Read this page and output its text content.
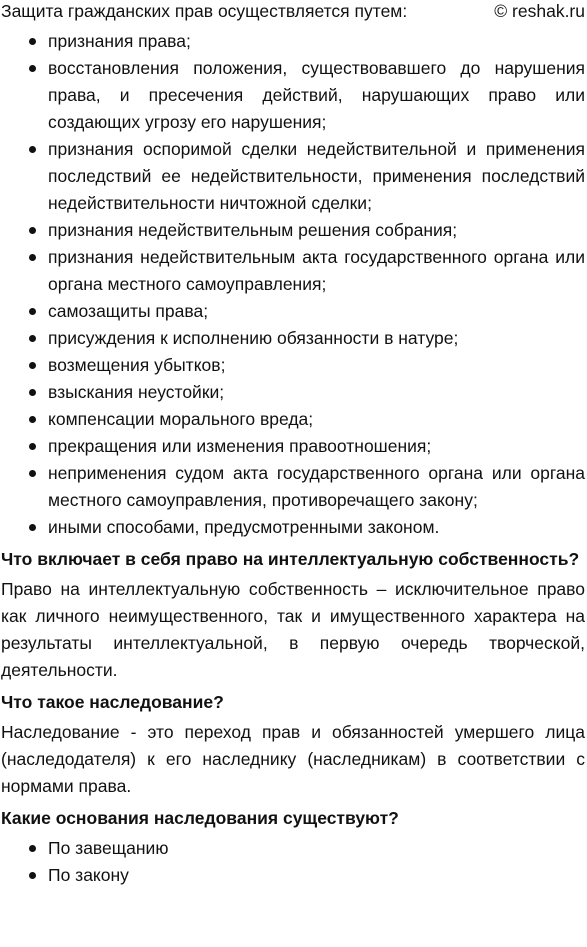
Защита гражданских прав осуществляется путем:	© reshak.ru
признания права;
восстановления положения, существовавшего до нарушения права, и пресечения действий, нарушающих право или создающих угрозу его нарушения;
признания оспоримой сделки недействительной и применения последствий ее недействительности, применения последствий недействительности ничтожной сделки;
признания недействительным решения собрания;
признания недействительным акта государственного органа или органа местного самоуправления;
самозащиты права;
присуждения к исполнению обязанности в натуре;
возмещения убытков;
взыскания неустойки;
компенсации морального вреда;
прекращения или изменения правоотношения;
неприменения судом акта государственного органа или органа местного самоуправления, противоречащего закону;
иными способами, предусмотренными законом.
Что включает в себя право на интеллектуальную собственность?

Право на интеллектуальную собственность – исключительное право как личного неимущественного, так и имущественного характера на результаты интеллектуальной, в первую очередь творческой, деятельности.

Что такое наследование?

Наследование - это переход прав и обязанностей умершего лица (наследодателя) к его наследнику (наследникам) в соответствии с нормами права.

Какие основания наследования существуют?
По завещанию
По закону
